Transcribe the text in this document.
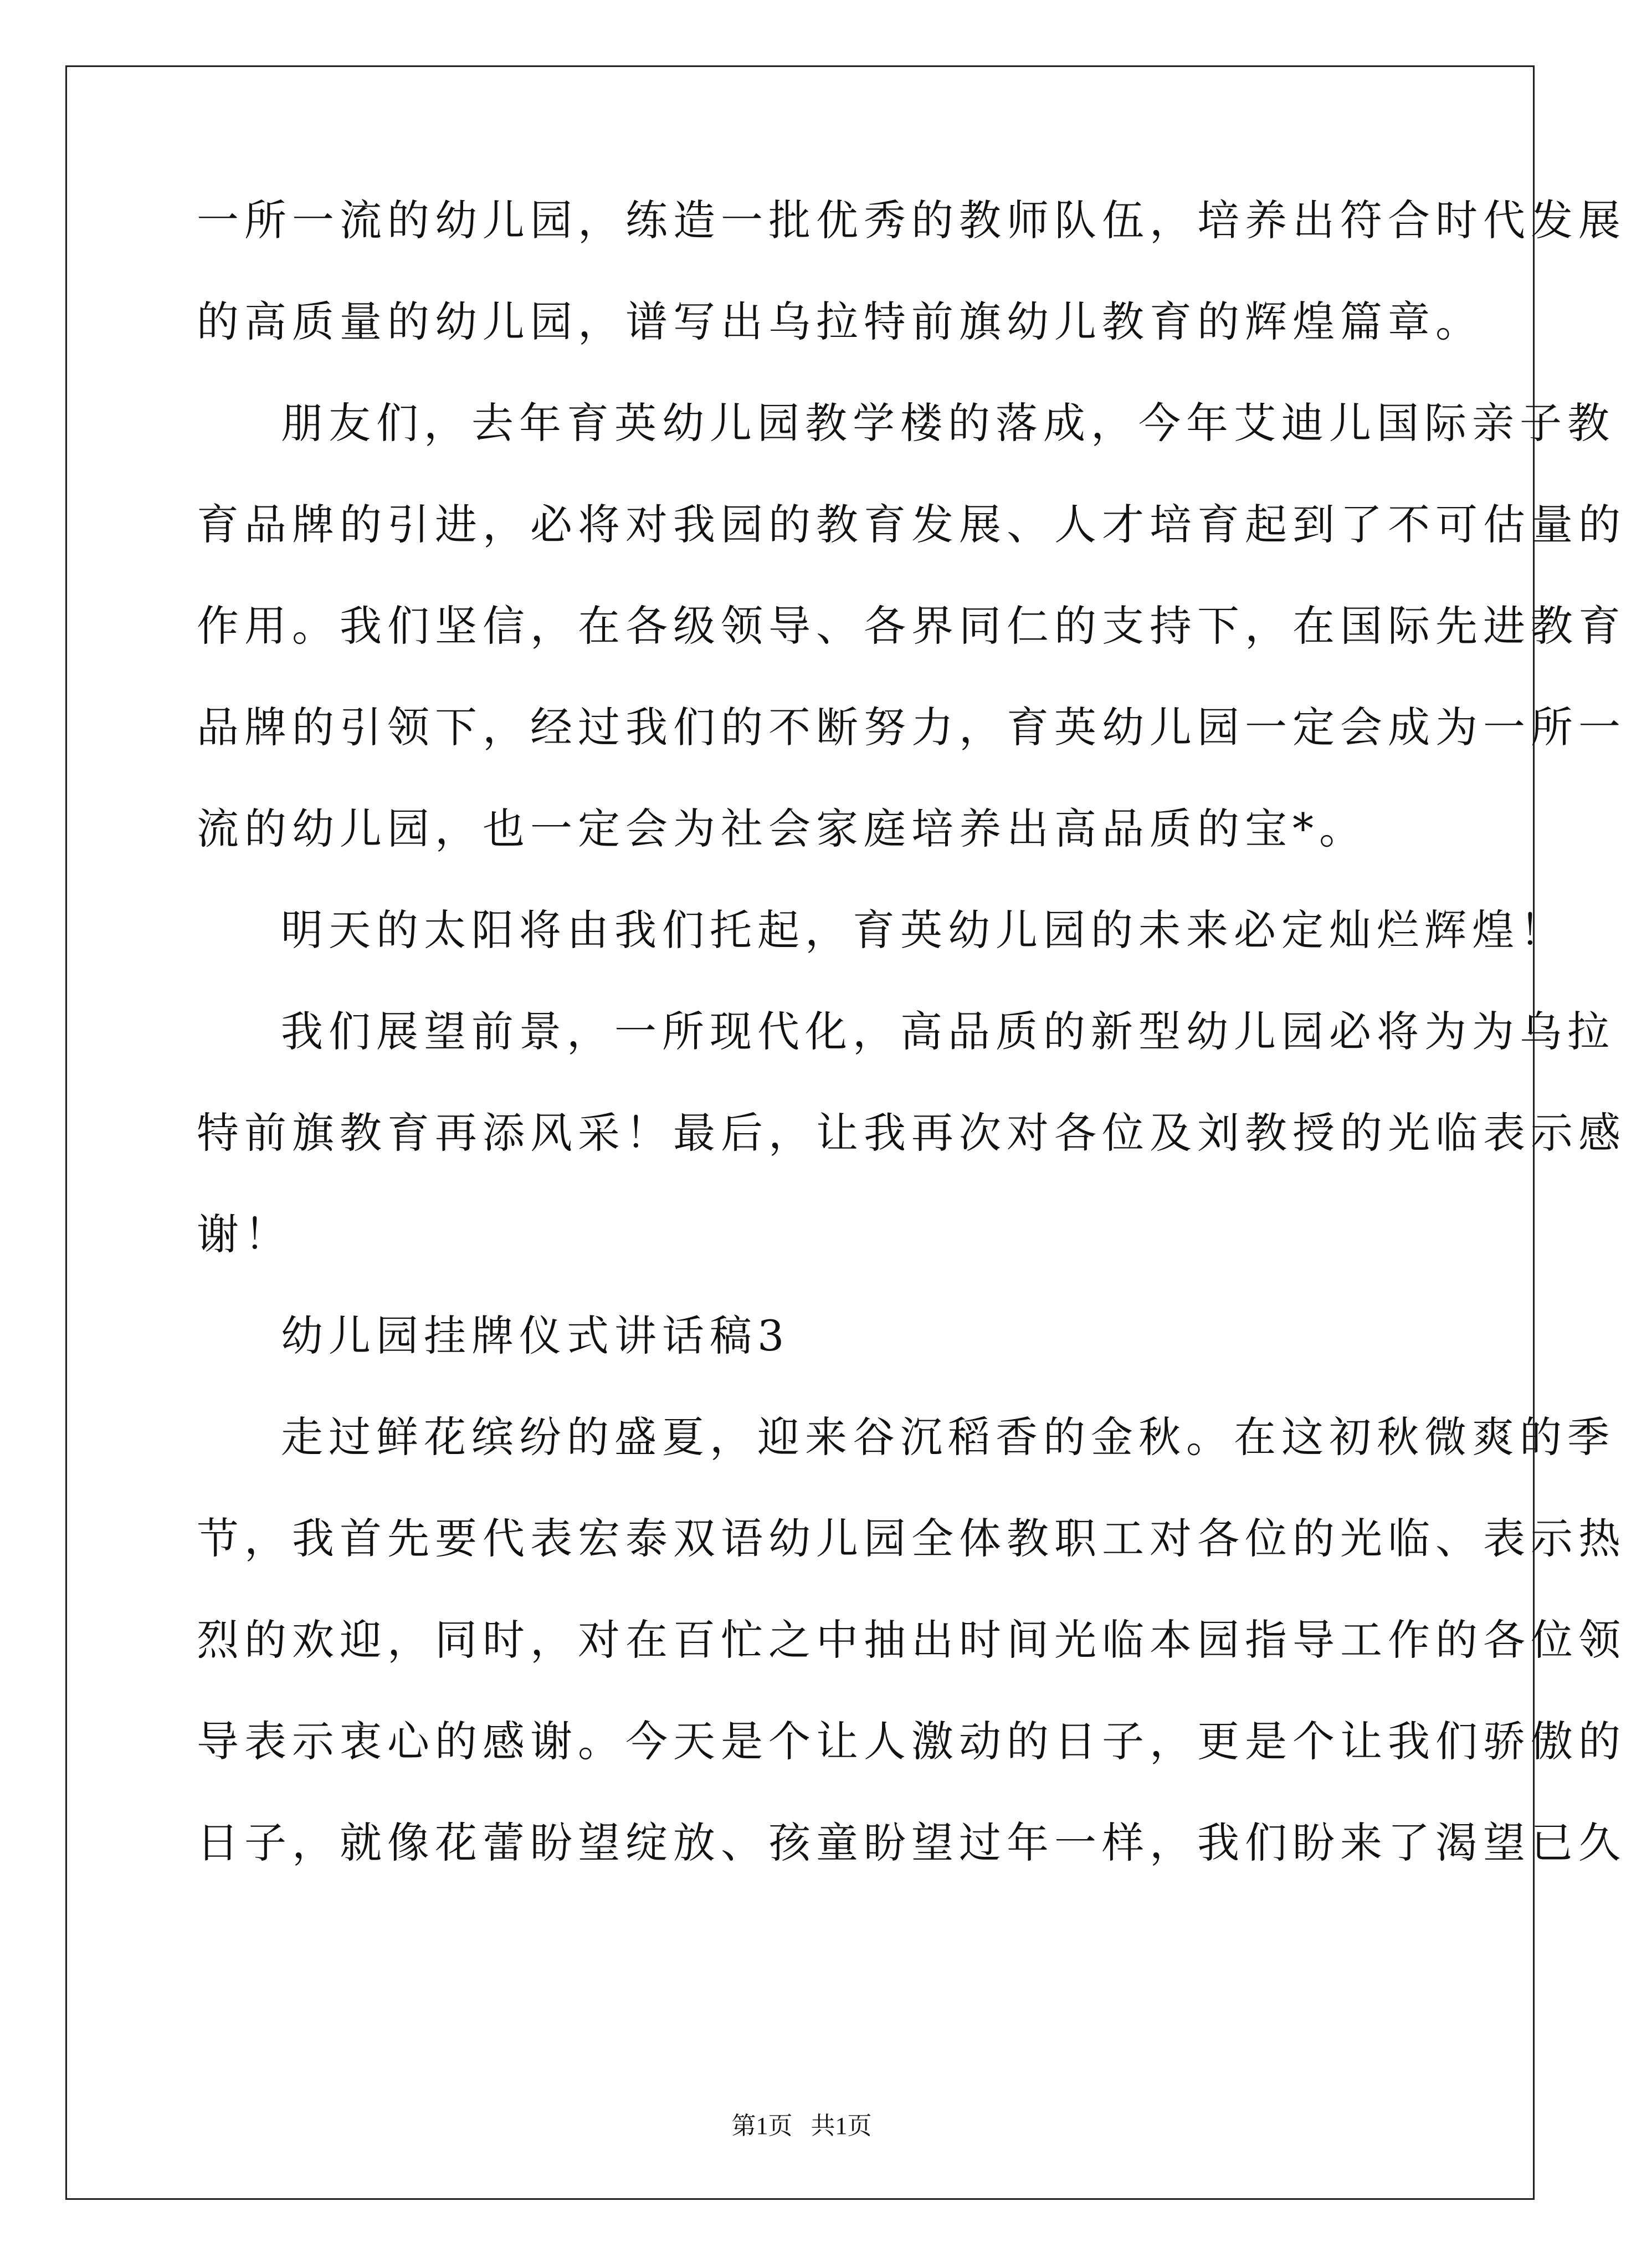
一所一流的幼儿园，练造一批优秀的教师队伍，培养出符合时代发展
的高质量的幼儿园，谱写出乌拉特前旗幼儿教育的辉煌篇章。
朋友们，去年育英幼儿园教学楼的落成，今年艾迪儿国际亲子教
育品牌的引进，必将对我园的教育发展、人才培育起到了不可估量的
作用。我们坚信，在各级领导、各界同仁的支持下，在国际先进教育
品牌的引领下，经过我们的不断努力，育英幼儿园一定会成为一所一
流的幼儿园，也一定会为社会家庭培养出高品质的宝*。
明天的太阳将由我们托起，育英幼儿园的未来必定灿烂辉煌！
我们展望前景，一所现代化，高品质的新型幼儿园必将为为乌拉
特前旗教育再添风采！最后，让我再次对各位及刘教授的光临表示感
谢！
幼儿园挂牌仪式讲话稿3
走过鲜花缤纷的盛夏，迎来谷沉稻香的金秋。在这初秋微爽的季
节，我首先要代表宏泰双语幼儿园全体教职工对各位的光临、表示热
烈的欢迎，同时，对在百忙之中抽出时间光临本园指导工作的各位领
导表示衷心的感谢。今天是个让人激动的日子，更是个让我们骄傲的
日子，就像花蕾盼望绽放、孩童盼望过年一样，我们盼来了渴望已久
第1页   共1页
